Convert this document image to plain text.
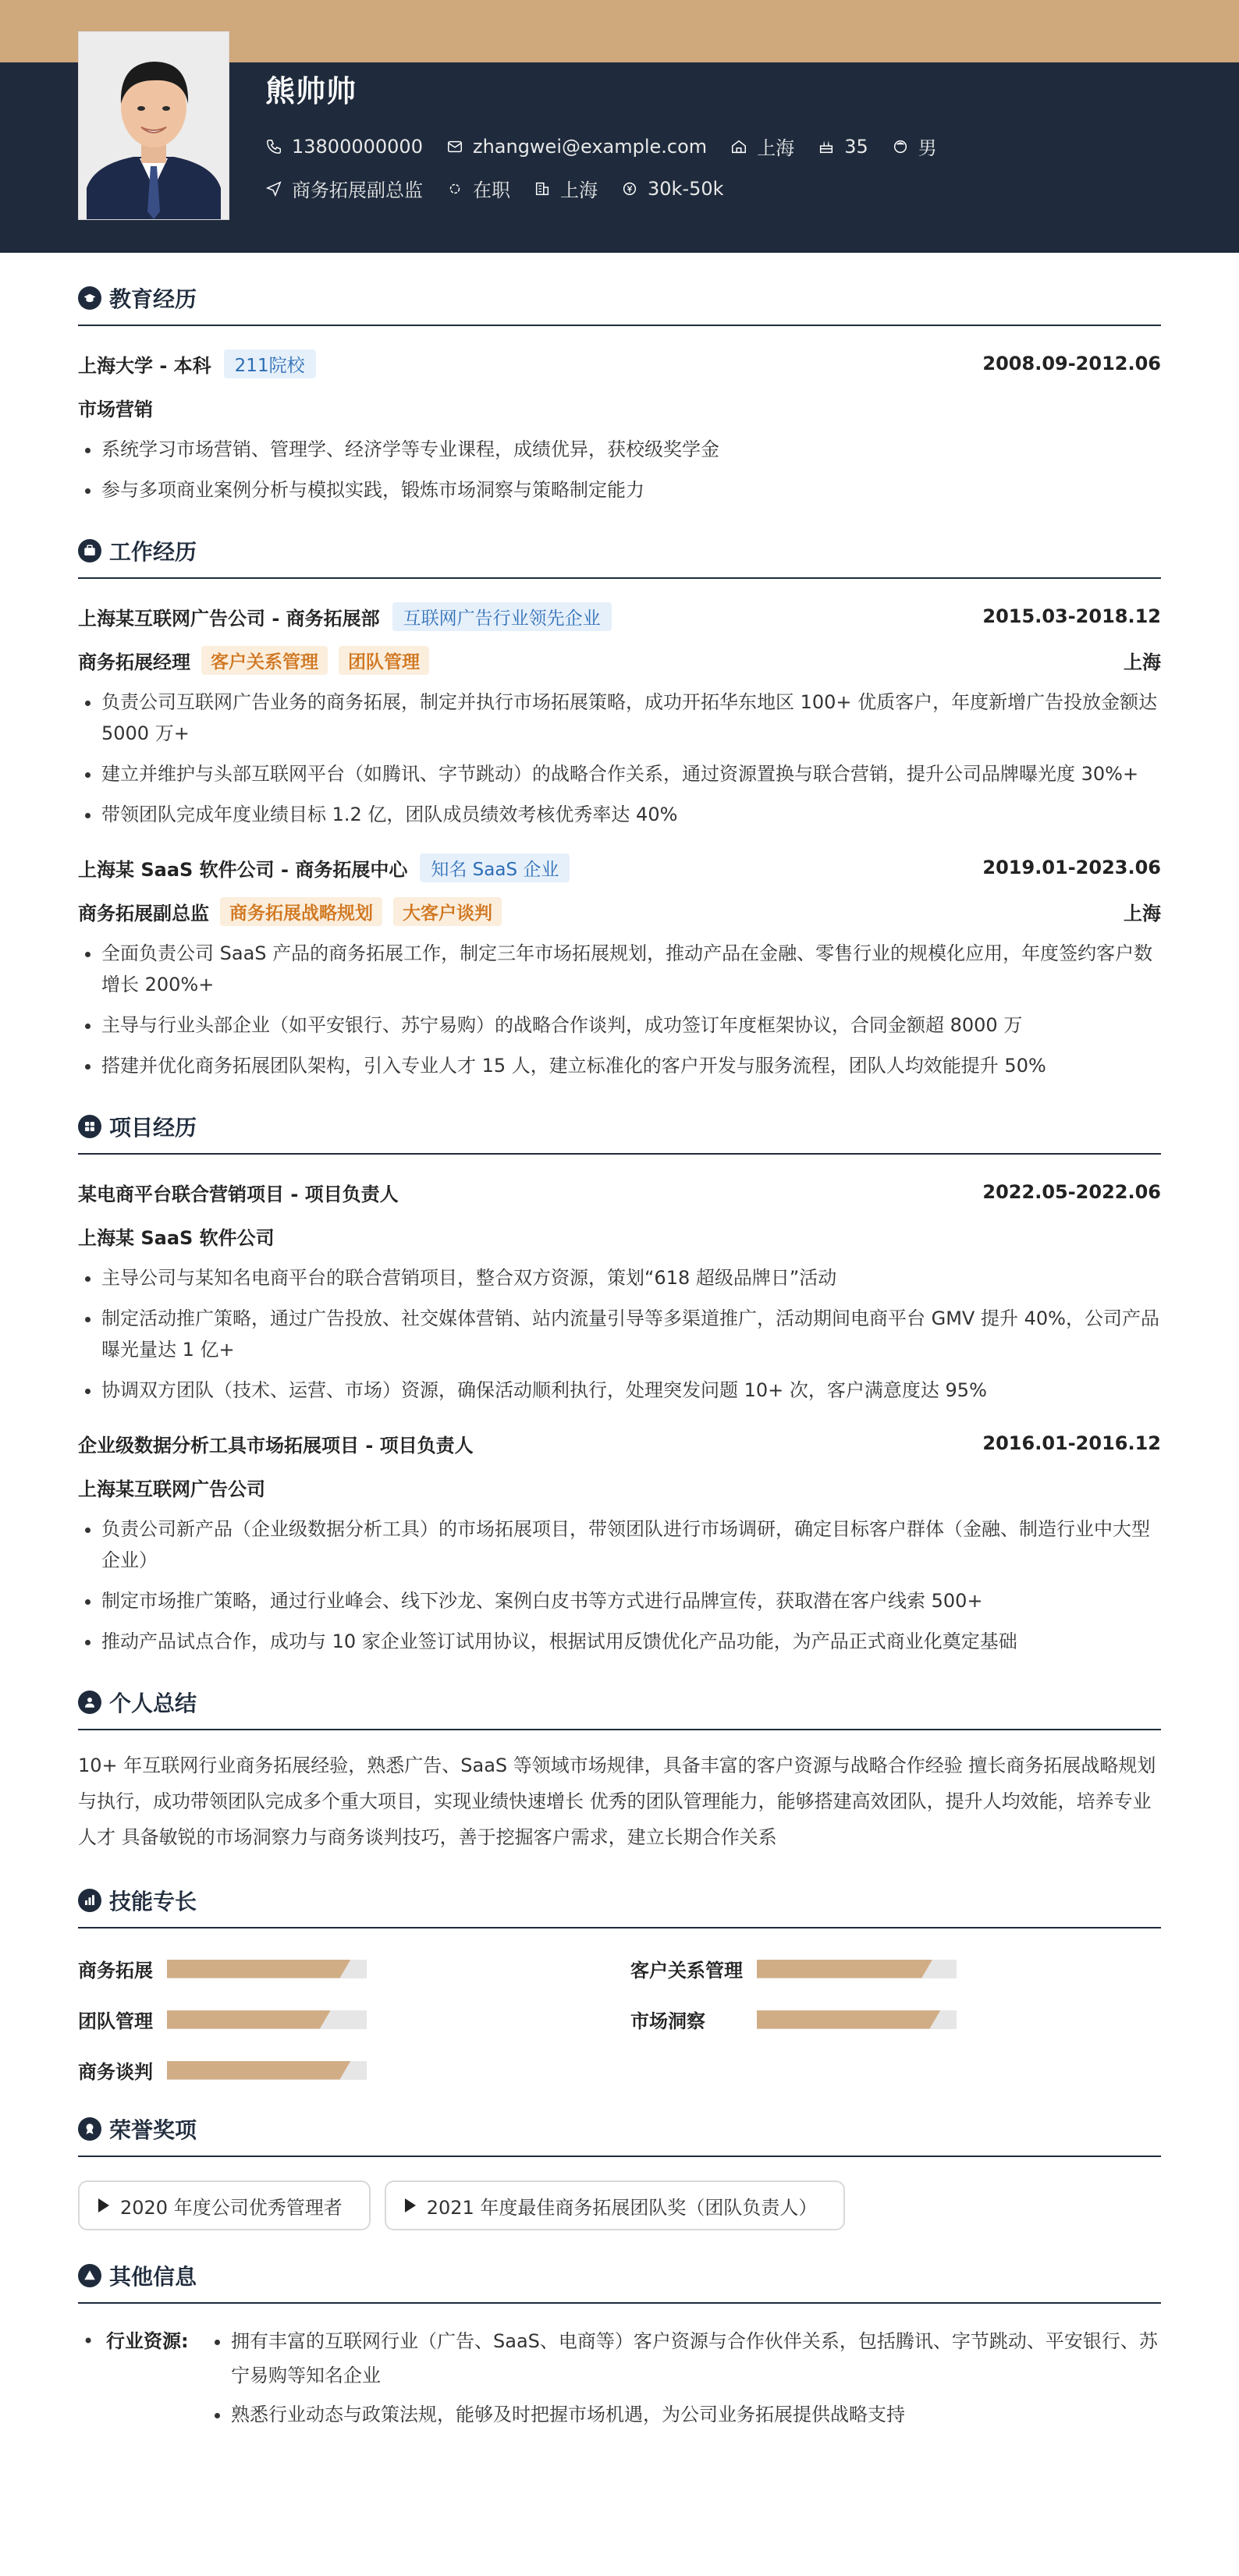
熊帅帅
13800000000	zhangwei@example.com	上海	35	男
商务拓展副总监	在职	上海	30k-50k
教育经历
上海大学 - 本科	211院校	2008.09-2012.06
市场营销
• 系统学习市场营销、管理学、经济学等专业课程，成绩优异，获校级奖学金
• 参与多项商业案例分析与模拟实践，锻炼市场洞察与策略制定能力
工作经历
上海某互联网广告公司 - 商务拓展部	互联网广告行业领先企业	2015.03-2018.12
商务拓展经理	客户关系管理	团队管理	上海
• 负责公司互联网广告业务的商务拓展，制定并执行市场拓展策略，成功开拓华东地区 100+ 优质客户，年度新增广告投放金额达 5000 万+
• 建立并维护与头部互联网平台（如腾讯、字节跳动）的战略合作关系，通过资源置换与联合营销，提升公司品牌曝光度 30%+
• 带领团队完成年度业绩目标 1.2 亿，团队成员绩效考核优秀率达 40%
上海某 SaaS 软件公司 - 商务拓展中心	知名 SaaS 企业	2019.01-2023.06
商务拓展副总监	商务拓展战略规划	大客户谈判	上海
• 全面负责公司 SaaS 产品的商务拓展工作，制定三年市场拓展规划，推动产品在金融、零售行业的规模化应用，年度签约客户数增长 200%+
• 主导与行业头部企业（如平安银行、苏宁易购）的战略合作谈判，成功签订年度框架协议，合同金额超 8000 万
• 搭建并优化商务拓展团队架构，引入专业人才 15 人，建立标准化的客户开发与服务流程，团队人均效能提升 50%
项目经历
某电商平台联合营销项目 - 项目负责人	2022.05-2022.06
上海某 SaaS 软件公司
• 主导公司与某知名电商平台的联合营销项目，整合双方资源，策划“618 超级品牌日”活动
• 制定活动推广策略，通过广告投放、社交媒体营销、站内流量引导等多渠道推广，活动期间电商平台 GMV 提升 40%，公司产品曝光量达 1 亿+
• 协调双方团队（技术、运营、市场）资源，确保活动顺利执行，处理突发问题 10+ 次，客户满意度达 95%
企业级数据分析工具市场拓展项目 - 项目负责人	2016.01-2016.12
上海某互联网广告公司
• 负责公司新产品（企业级数据分析工具）的市场拓展项目，带领团队进行市场调研，确定目标客户群体（金融、制造行业中大型企业）
• 制定市场推广策略，通过行业峰会、线下沙龙、案例白皮书等方式进行品牌宣传，获取潜在客户线索 500+
• 推动产品试点合作，成功与 10 家企业签订试用协议，根据试用反馈优化产品功能，为产品正式商业化奠定基础
个人总结
10+ 年互联网行业商务拓展经验，熟悉广告、SaaS 等领域市场规律，具备丰富的客户资源与战略合作经验 擅长商务拓展战略规划与执行，成功带领团队完成多个重大项目，实现业绩快速增长 优秀的团队管理能力，能够搭建高效团队，提升人均效能，培养专业人才 具备敏锐的市场洞察力与商务谈判技巧，善于挖掘客户需求，建立长期合作关系
技能专长
商务拓展	客户关系管理
团队管理	市场洞察
商务谈判
荣誉奖项
2020 年度公司优秀管理者	2021 年度最佳商务拓展团队奖（团队负责人）
其他信息
• 行业资源:
•	拥有丰富的互联网行业（广告、SaaS、电商等）客户资源与合作伙伴关系，包括腾讯、字节跳动、平安银行、苏宁易购等知名企业
• 熟悉行业动态与政策法规，能够及时把握市场机遇，为公司业务拓展提供战略支持
